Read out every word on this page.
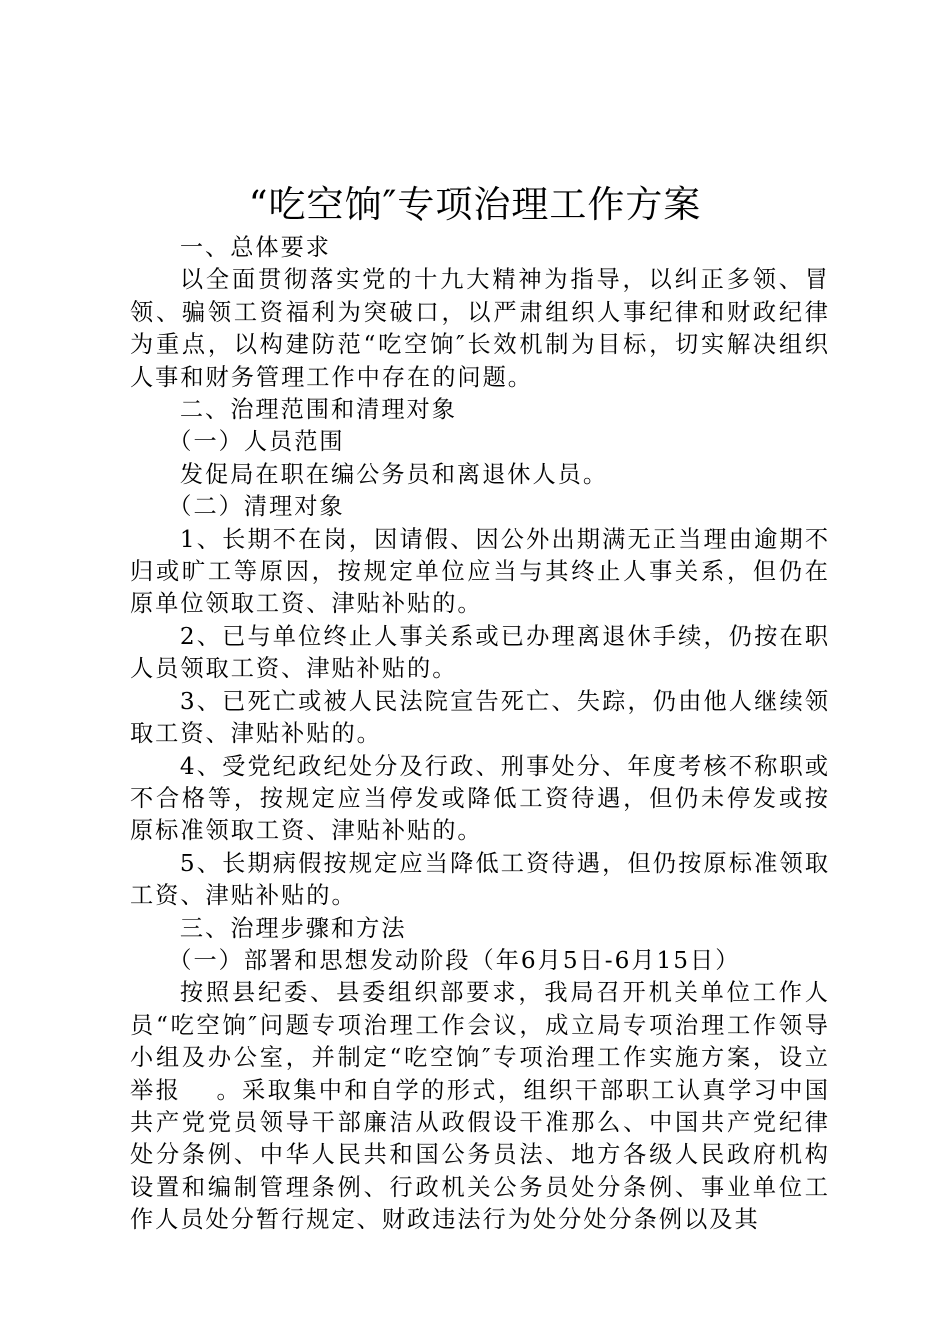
“吃空饷″专项治理工作方案

一、总体要求

以全面贯彻落实党的十九大精神为指导，以纠正多领、冒领、骗领工资福利为突破口，以严肃组织人事纪律和财政纪律为重点，以构建防范“吃空饷″长效机制为目标，切实解决组织人事和财务管理工作中存在的问题。

二、治理范围和清理对象

（一）人员范围

发促局在职在编公务员和离退休人员。

（二）清理对象

1、长期不在岗，因请假、因公外出期满无正当理由逾期不归或旷工等原因，按规定单位应当与其终止人事关系，但仍在原单位领取工资、津贴补贴的。

2、已与单位终止人事关系或已办理离退休手续，仍按在职人员领取工资、津贴补贴的。

3、已死亡或被人民法院宣告死亡、失踪，仍由他人继续领取工资、津贴补贴的。

4、受党纪政纪处分及行政、刑事处分、年度考核不称职或不合格等，按规定应当停发或降低工资待遇，但仍未停发或按原标准领取工资、津贴补贴的。

5、长期病假按规定应当降低工资待遇，但仍按原标准领取工资、津贴补贴的。

三、治理步骤和方法

（一）部署和思想发动阶段（年6月5日-6月15日）

按照县纪委、县委组织部要求，我局召开机关单位工作人员“吃空饷″问题专项治理工作会议，成立局专项治理工作领导小组及办公室，并制定“吃空饷″专项治理工作实施方案，设立举报　 。采取集中和自学的形式，组织干部职工认真学习中国共产党党员领导干部廉洁从政假设干准那么、中国共产党纪律处分条例、中华人民共和国公务员法、地方各级人民政府机构设置和编制管理条例、行政机关公务员处分条例、事业单位工作人员处分暂行规定、财政违法行为处分处分条例以及其
